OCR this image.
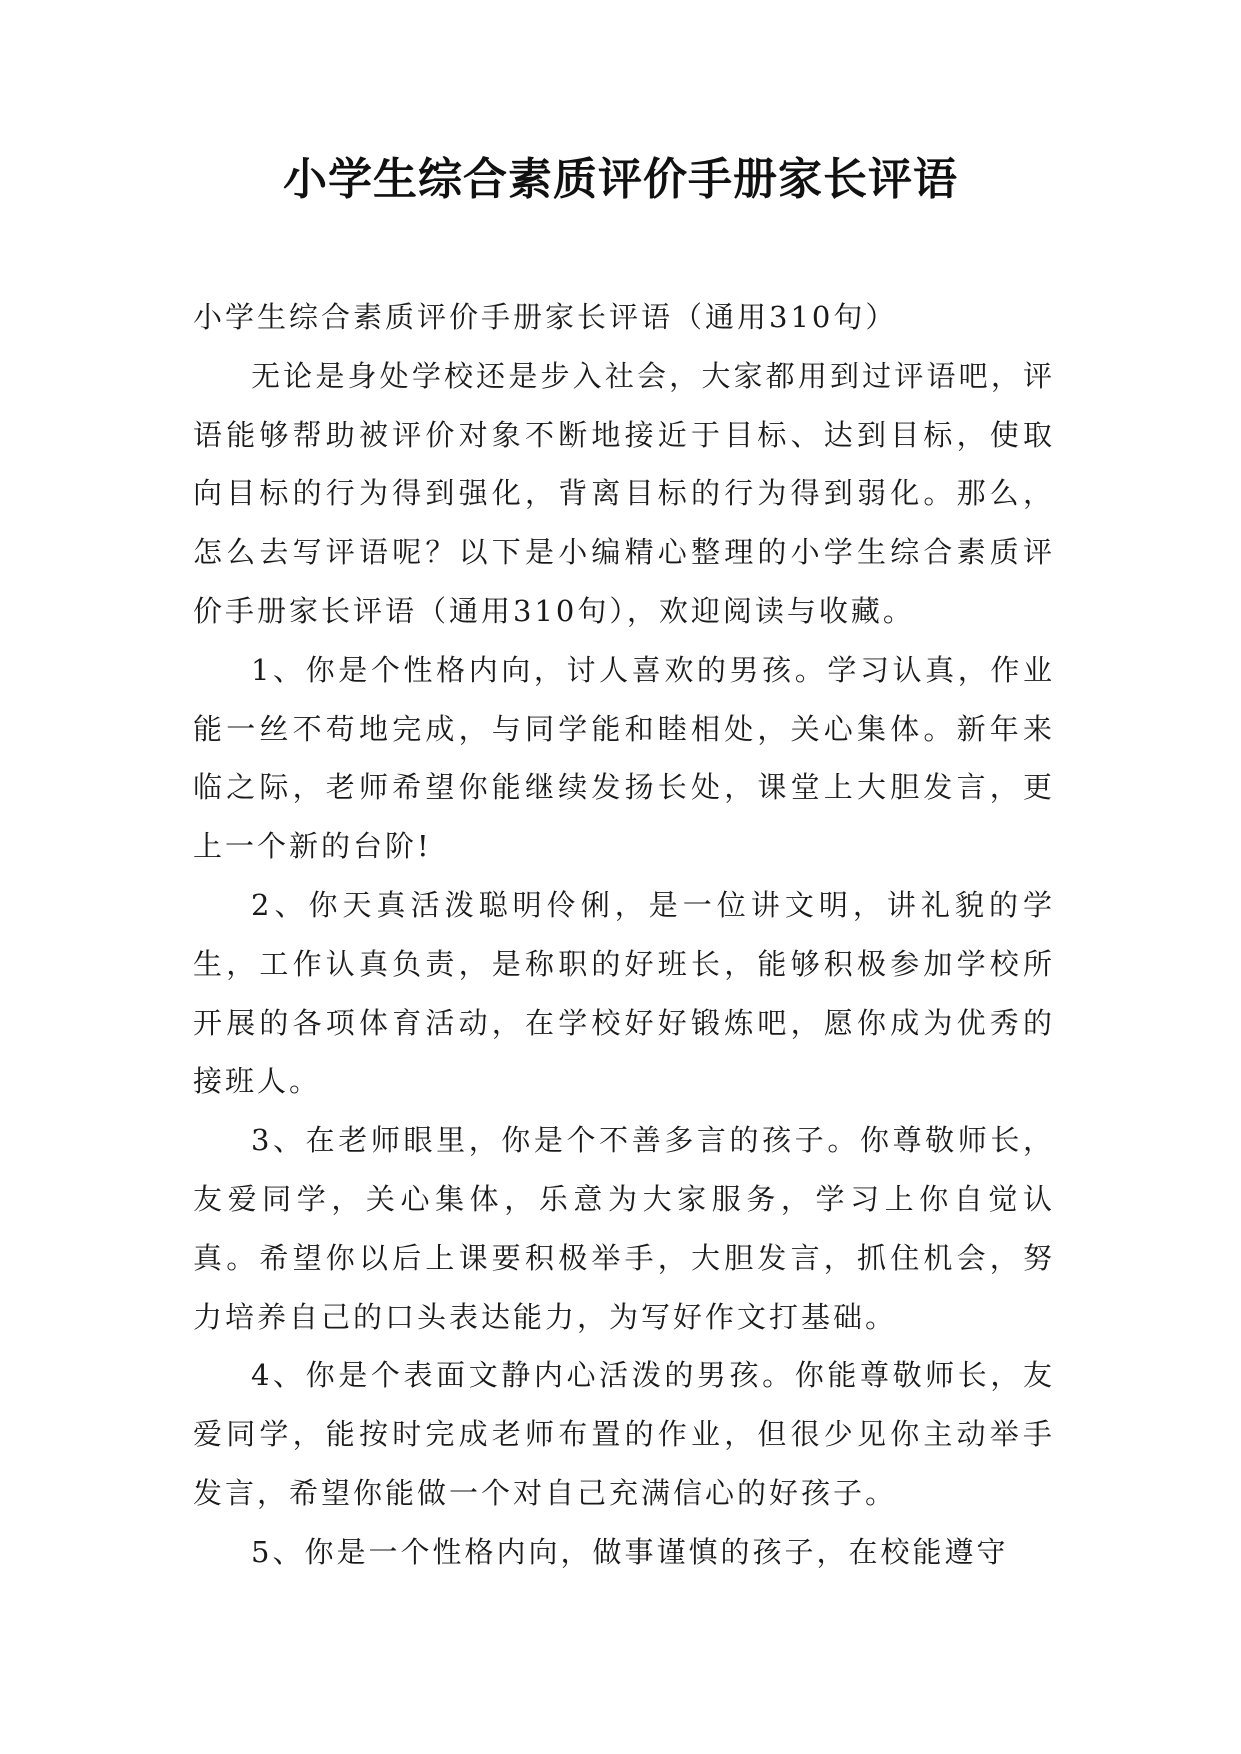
小学生综合素质评价手册家长评语

小学生综合素质评价手册家长评语（通用310句）

无论是身处学校还是步入社会，大家都用到过评语吧，评语能够帮助被评价对象不断地接近于目标、达到目标，使取向目标的行为得到强化，背离目标的行为得到弱化。那么，怎么去写评语呢？以下是小编精心整理的小学生综合素质评价手册家长评语（通用310句），欢迎阅读与收藏。

1、你是个性格内向，讨人喜欢的男孩。学习认真，作业能一丝不苟地完成，与同学能和睦相处，关心集体。新年来临之际，老师希望你能继续发扬长处，课堂上大胆发言，更上一个新的台阶!

2、你天真活泼聪明伶俐，是一位讲文明，讲礼貌的学生，工作认真负责，是称职的好班长，能够积极参加学校所开展的各项体育活动，在学校好好锻炼吧，愿你成为优秀的接班人。

3、在老师眼里，你是个不善多言的孩子。你尊敬师长，友爱同学，关心集体，乐意为大家服务，学习上你自觉认真。希望你以后上课要积极举手，大胆发言，抓住机会，努力培养自己的口头表达能力，为写好作文打基础。

4、你是个表面文静内心活泼的男孩。你能尊敬师长，友爱同学，能按时完成老师布置的作业，但很少见你主动举手发言，希望你能做一个对自己充满信心的好孩子。

5、你是一个性格内向，做事谨慎的孩子，在校能遵守
